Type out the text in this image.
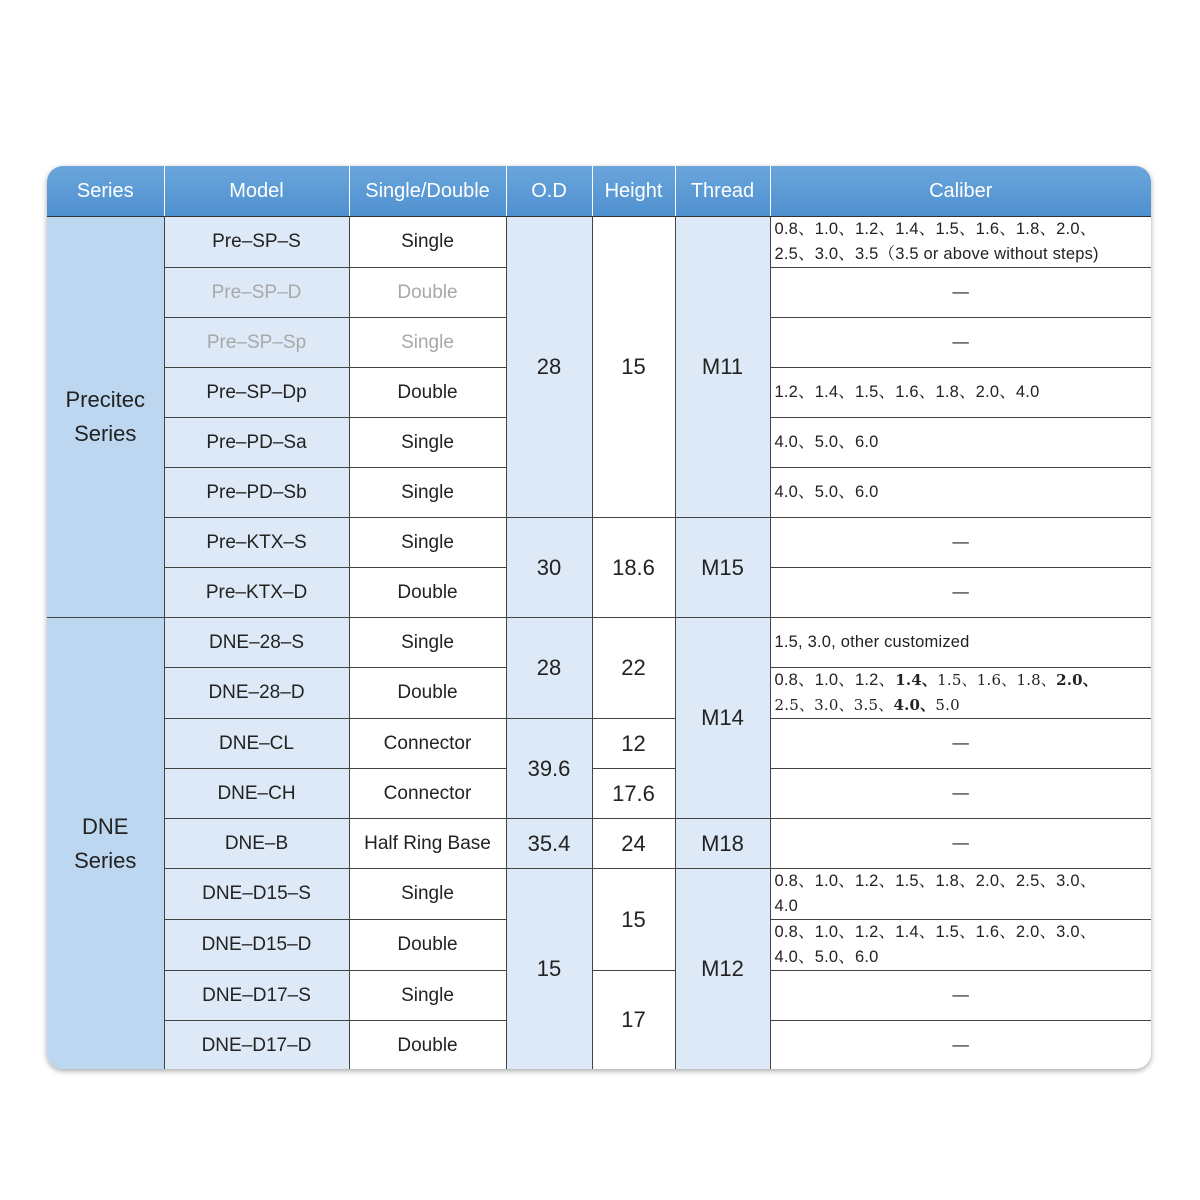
Series	Model	Single/Double	O.D	Height	Thread	Caliber

Precitec
Series	Pre–SP–S	Single	28	15	M11	0.8、1.0、1.2、1.4、1.5、1.6、1.8、2.0、
2.5、3.0、3.5（3.5 or above without steps)

	Pre–SP–D	Double				—
	Pre–SP–Sp	Single				—
	Pre–SP–Dp	Double				1.2、1.4、1.5、1.6、1.8、2.0、4.0
	Pre–PD–Sa	Single				4.0、5.0、6.0
	Pre–PD–Sb	Single				4.0、5.0、6.0
	Pre–KTX–S	Single	30	18.6	M15	—
	Pre–KTX–D	Double				—

DNE
Series	DNE–28–S	Single	28	22	M14	1.5, 3.0, other customized
	DNE–28–D	Double				0.8、1.0、1.2、1.4、1.5、1.6、1.8、2.0、
2.5、3.0、3.5、4.0、5.0

	DNE–CL	Connector	39.6	12		—
	DNE–CH	Connector		17.6		—
	DNE–B	Half Ring Base	35.4	24	M18	—
	DNE–D15–S	Single	15	15	M12	0.8、1.0、1.2、1.5、1.8、2.0、2.5、3.0、
4.0

	DNE–D15–D	Double				0.8、1.0、1.2、1.4、1.5、1.6、2.0、3.0、
4.0、5.0、6.0

	DNE–D17–S	Single		17		—
	DNE–D17–D	Double				—
